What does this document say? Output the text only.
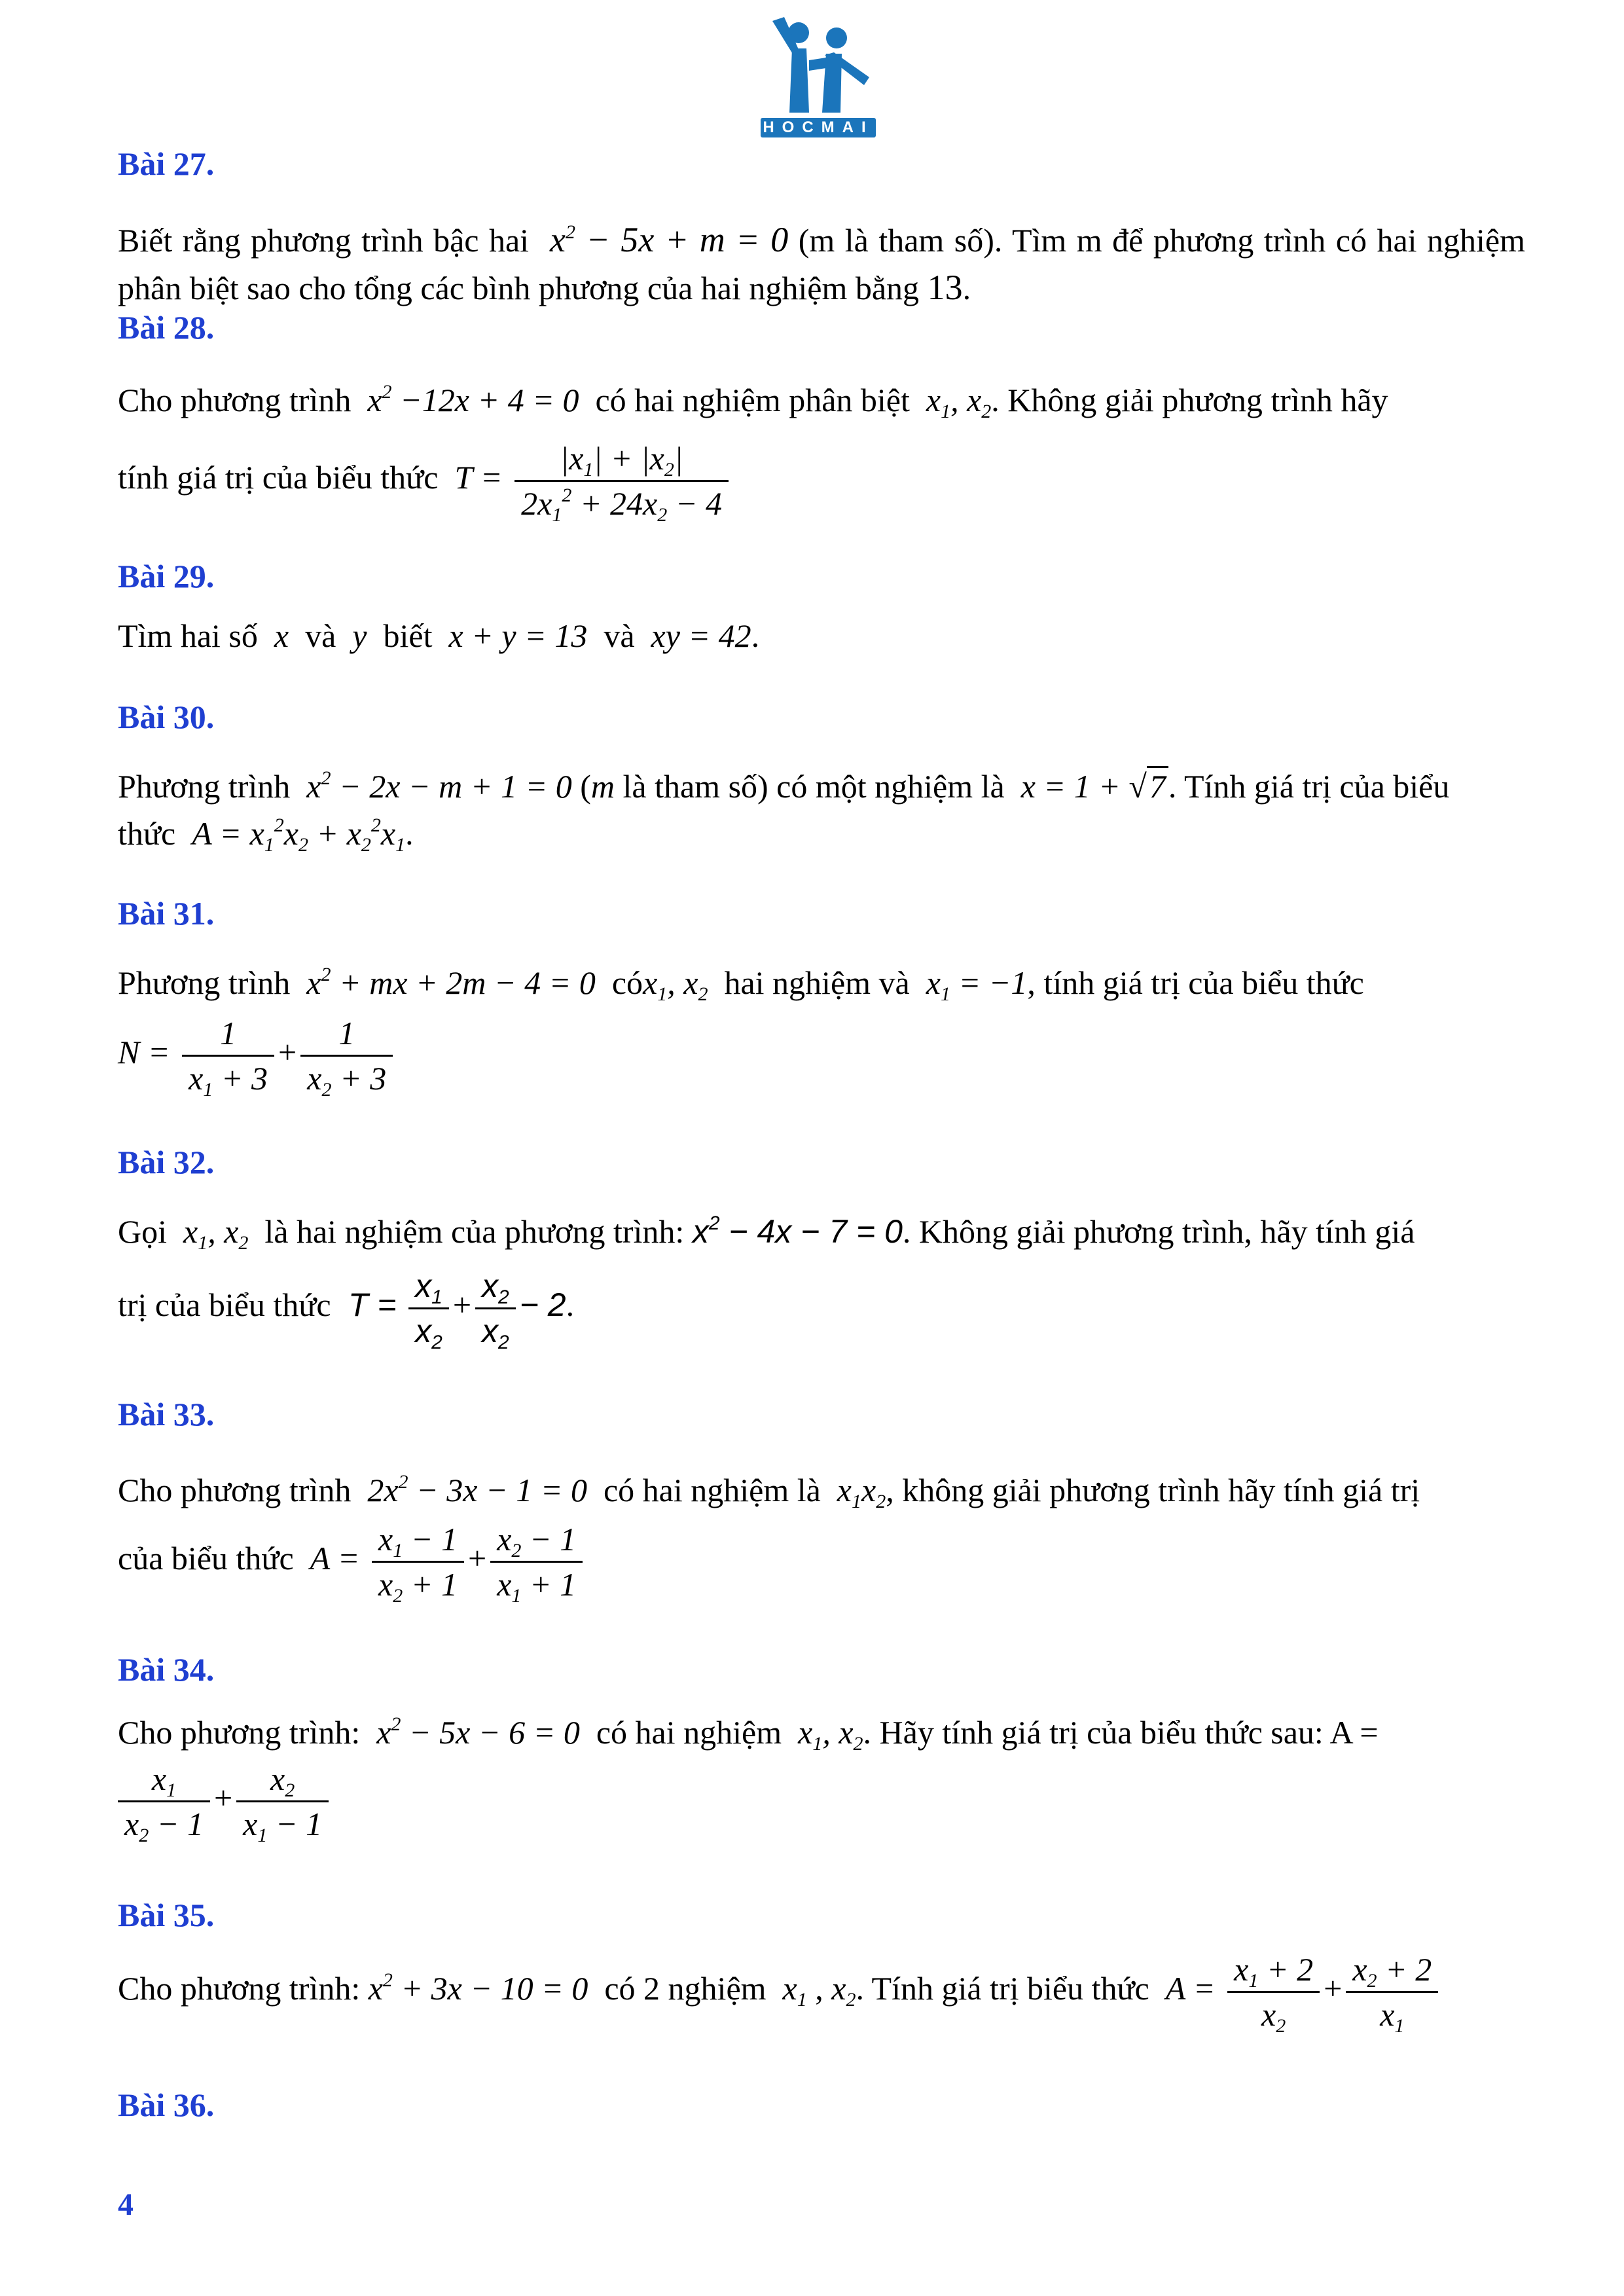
HOCMAI
Bài 27.
Biết rằng phương trình bậc hai  $x^2 - 5x + m = 0$ (m là tham số). Tìm m để phương trình có hai nghiệm phân biệt sao cho tổng các bình phương của hai nghiệm bằng 13.
Bài 28.
Cho phương trình  $x^2 -12x + 4 = 0$  có hai nghiệm phân biệt  $x_1$, $x_2$. Không giải phương trình hãy
tính giá trị của biểu thức  $T = \frac{|x_1| + |x_2|}{2x_1^2 + 24x_2 - 4}$
Bài 29.
Tìm hai số  x  và  y  biết  x + y = 13  và  xy = 42.
Bài 30.
Phương trình  $x^2 - 2x - m + 1 = 0$ (m là tham số) có một nghiệm là  x = 1 + √7. Tính giá trị của biểu
thức  $A = x_1^2x_2 + x_2^2x_1$.
Bài 31.
Phương trình  $x^2$ + mx + 2m − 4 = 0  cóx$_1$, $x_2$ hai nghiệm và  $x_1 = -1$, tính giá trị của biểu thức
$N = \frac{1}{x_1 + 3} + \frac{1}{x_2 + 3}$
Bài 32.
Gọi  $x_1$, $x_2$ là hai nghiệm của phương trình: $x^2 - 4x - 7 = 0$. Không giải phương trình, hãy tính giá
trị của biểu thức  $T = \frac{x_1}{x_2} + \frac{x_2}{x_2} - 2$.
Bài 33.
Cho phương trình  $2x^2 - 3x - 1 = 0$  có hai nghiệm là  $x_1x_2$, không giải phương trình hãy tính giá trị
của biểu thức  $A = \frac{x_1 - 1}{x_2 + 1} + \frac{x_2 - 1}{x_1 + 1}$
Bài 34.
Cho phương trình:  $x^2 - 5x - 6 = 0$  có hai nghiệm  $x_1$, $x_2$. Hãy tính giá trị của biểu thức sau: A =
$\frac{x_1}{x_2 - 1} + \frac{x_2}{x_1 - 1}$
Bài 35.
Cho phương trình: $x^2 + 3x - 10 = 0$  có 2 nghiệm  $x_1$ , $x_2$. Tính giá trị biểu thức  $A = \frac{x_1 + 2}{x_2} + \frac{x_2 + 2}{x_1}$
Bài 36.
4
